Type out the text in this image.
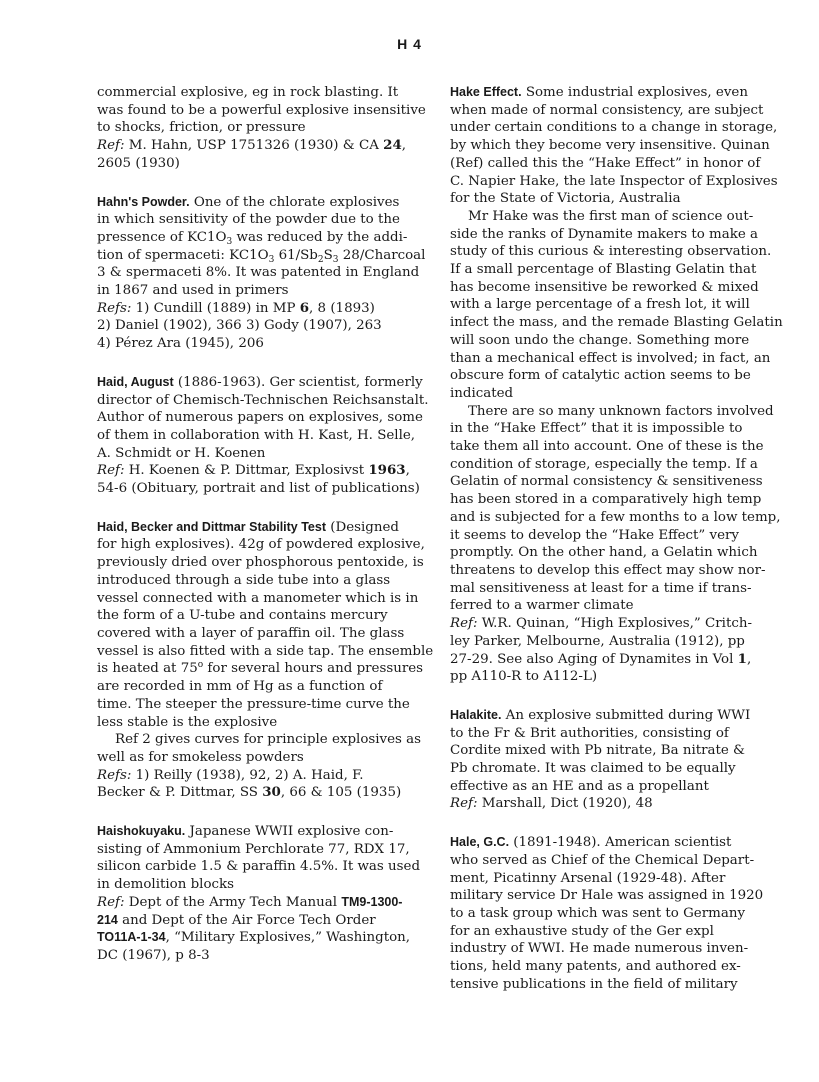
H 4
commercial explosive, eg in rock blasting. It
was found to be a powerful explosive insensitive
to shocks, friction, or pressure
Ref: M. Hahn, USP 1751326 (1930) & CA 24,
2605 (1930)
Hahn's Powder. One of the chlorate explosives
in which sensitivity of the powder due to the
pressence of $KC1O_3$ was reduced by the addi-
tion of spermaceti: $KC1O_3$ $61/Sb_2S_3$ 28/Charcoal
3 & spermaceti 8%. It was patented in England
in 1867 and used in primers
Refs: 1) Cundill (1889) in MP 6, 8 (1893)
2) Daniel (1902), 366 3) Gody (1907), 263
4) Pérez Ara (1945), 206
Haid, August (1886-1963). Ger scientist, formerly
director of Chemisch-Technischen Reichsanstalt.
Author of numerous papers on explosives, some
of them in collaboration with H. Kast, H. Selle,
A. Schmidt or H. Koenen
Ref: H. Koenen & P. Dittmar, Explosivst 1963,
54-6 (Obituary, portrait and list of publications)
Haid, Becker and Dittmar Stability Test (Designed
for high explosives). 42g of powdered explosive,
previously dried over phosphorous pentoxide, is
introduced through a side tube into a glass
vessel connected with a manometer which is in
the form of a U-tube and contains mercury
covered with a layer of paraffin oil. The glass
vessel is also fitted with a side tap. The ensemble
is heated at 75$^o$ for several hours and pressures
are recorded in mm of Hg as a function of
time. The steeper the pressure-time curve the
less stable is the explosive
Ref 2 gives curves for principle explosives as
well as for smokeless powders
Refs: 1) Reilly (1938), 92, 2) A. Haid, F.
Becker & P. Dittmar, SS 30, 66 & 105 (1935)
Haishokuyaku. Japanese WWII explosive con-
sisting of Ammonium Perchlorate 77, RDX 17,
silicon carbide 1.5 & paraffin 4.5%. It was used
in demolition blocks
Ref: Dept of the Army Tech Manual TM9-1300-
214 and Dept of the Air Force Tech Order
TO11A-1-34, “Military Explosives,” Washington,
DC (1967), p 8-3
Hake Effect. Some industrial explosives, even
when made of normal consistency, are subject
under certain conditions to a change in storage,
by which they become very insensitive. Quinan
(Ref) called this the “Hake Effect” in honor of
C. Napier Hake, the late Inspector of Explosives
for the State of Victoria, Australia
Mr Hake was the first man of science out-
side the ranks of Dynamite makers to make a
study of this curious & interesting observation.
If a small percentage of Blasting Gelatin that
has become insensitive be reworked & mixed
with a large percentage of a fresh lot, it will
infect the mass, and the remade Blasting Gelatin
will soon undo the change. Something more
than a mechanical effect is involved; in fact, an
obscure form of catalytic action seems to be
indicated
There are so many unknown factors involved
in the “Hake Effect” that it is impossible to
take them all into account. One of these is the
condition of storage, especially the temp. If a
Gelatin of normal consistency & sensitiveness
has been stored in a comparatively high temp
and is subjected for a few months to a low temp,
it seems to develop the “Hake Effect” very
promptly. On the other hand, a Gelatin which
threatens to develop this effect may show nor-
mal sensitiveness at least for a time if trans-
ferred to a warmer climate
Ref: W.R. Quinan, “High Explosives,” Critch-
ley Parker, Melbourne, Australia (1912), pp
27-29. See also Aging of Dynamites in Vol 1,
pp A110-R to A112-L)
Halakite. An explosive submitted during WWI
to the Fr & Brit authorities, consisting of
Cordite mixed with Pb nitrate, Ba nitrate &
Pb chromate. It was claimed to be equally
effective as an HE and as a propellant
Ref: Marshall, Dict (1920), 48
Hale, G.C. (1891-1948). American scientist
who served as Chief of the Chemical Depart-
ment, Picatinny Arsenal (1929-48). After
military service Dr Hale was assigned in 1920
to a task group which was sent to Germany
for an exhaustive study of the Ger expl
industry of WWI. He made numerous inven-
tions, held many patents, and authored ex-
tensive publications in the field of military
